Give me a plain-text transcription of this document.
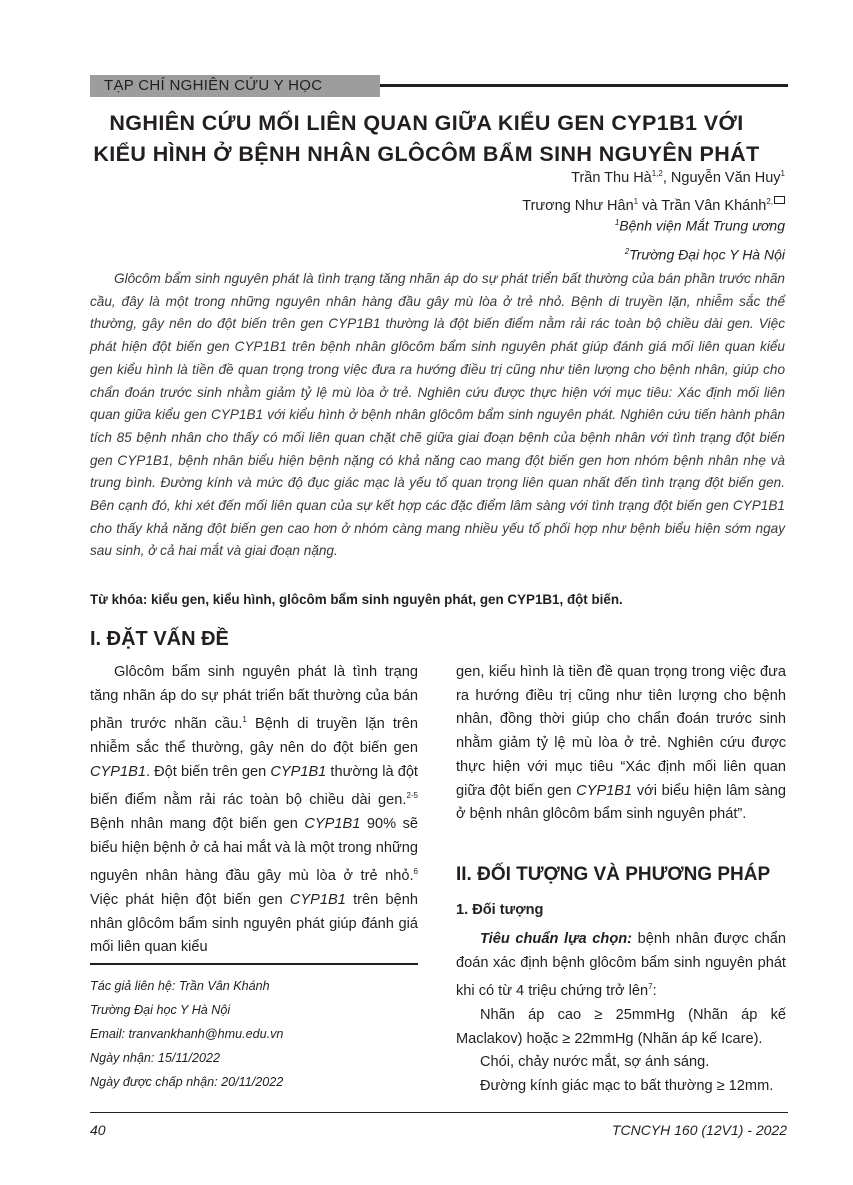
TẠP CHÍ NGHIÊN CỨU Y HỌC
NGHIÊN CỨU MỐI LIÊN QUAN GIỮA KIỂU GEN CYP1B1 VỚI
KIỂU HÌNH Ở BỆNH NHÂN GLÔCÔM BẨM SINH NGUYÊN PHÁT
Trần Thu Hà$^{1,2}$, Nguyễn Văn Huy$^1$
Trương Như Hân$^1$ và Trần Vân Khánh$^{2,}$
$^1$Bệnh viện Mắt Trung ương
$^2$Trường Đại học Y Hà Nội
Glôcôm bẩm sinh nguyên phát là tình trạng tăng nhãn áp do sự phát triển bất thường của bán phần trước nhãn cầu, đây là một trong những nguyên nhân hàng đầu gây mù lòa ở trẻ nhỏ. Bệnh di truyền lặn, nhiễm sắc thể thường, gây nên do đột biến trên gen CYP1B1 thường là đột biến điểm nằm rải rác toàn bộ chiều dài gen. Việc phát hiện đột biến gen CYP1B1 trên bệnh nhân glôcôm bẩm sinh nguyên phát giúp đánh giá mối liên quan kiểu gen kiểu hình là tiền đề quan trọng trong việc đưa ra hướng điều trị cũng như tiên lượng cho bệnh nhân, giúp cho chẩn đoán trước sinh nhằm giảm tỷ lệ mù lòa ở trẻ. Nghiên cứu được thực hiện với mục tiêu: Xác định mối liên quan giữa kiểu gen CYP1B1 với kiểu hình ở bệnh nhân glôcôm bẩm sinh nguyên phát. Nghiên cứu tiến hành phân tích 85 bệnh nhân cho thấy có mối liên quan chặt chẽ giữa giai đoạn bệnh của bệnh nhân với tình trạng đột biến gen CYP1B1, bệnh nhân biểu hiện bệnh nặng có khả năng cao mang đột biến gen hơn nhóm bệnh nhân nhẹ và trung bình. Đường kính và mức độ đục giác mạc là yếu tố quan trọng liên quan nhất đến tình trạng đột biến gen. Bên cạnh đó, khi xét đến mối liên quan của sự kết hợp các đặc điểm lâm sàng với tình trạng đột biến gen CYP1B1 cho thấy khả năng đột biến gen cao hơn ở nhóm càng mang nhiều yếu tố phối hợp như bệnh biểu hiện sớm ngay sau sinh, ở cả hai mắt và giai đoạn nặng.
Từ khóa: kiểu gen, kiểu hình, glôcôm bẩm sinh nguyên phát, gen CYP1B1, đột biến.
I. ĐẶT VẤN ĐỀ
Glôcôm bẩm sinh nguyên phát là tình trạng tăng nhãn áp do sự phát triển bất thường của bán phần trước nhãn cầu.$^1$ Bệnh di truyền lặn trên nhiễm sắc thể thường, gây nên do đột biến gen CYP1B1. Đột biến trên gen CYP1B1 thường là đột biến điểm nằm rải rác toàn bộ chiều dài gen.$^{2-5}$ Bệnh nhân mang đột biến gen CYP1B1 90% sẽ biểu hiện bệnh ở cả hai mắt và là một trong những nguyên nhân hàng đầu gây mù lòa ở trẻ nhỏ.$^6$ Việc phát hiện đột biến gen CYP1B1 trên bệnh nhân glôcôm bẩm sinh nguyên phát giúp đánh giá mối liên quan kiểu
gen, kiểu hình là tiền đề quan trọng trong việc đưa ra hướng điều trị cũng như tiên lượng cho bệnh nhân, đồng thời giúp cho chẩn đoán trước sinh nhằm giảm tỷ lệ mù lòa ở trẻ. Nghiên cứu được thực hiện với mục tiêu “Xác định mối liên quan giữa đột biến gen CYP1B1 với biểu hiện lâm sàng ở bệnh nhân glôcôm bẩm sinh nguyên phát”.
II. ĐỐI TƯỢNG VÀ PHƯƠNG PHÁP
1. Đối tượng
Tiêu chuẩn lựa chọn: bệnh nhân được chẩn đoán xác định bệnh glôcôm bẩm sinh nguyên phát khi có từ 4 triệu chứng trở lên$^7$:
Nhãn áp cao ≥ 25mmHg (Nhãn áp kế Maclakov) hoặc ≥ 22mmHg (Nhãn áp kế Icare).
Chói, chảy nước mắt, sợ ánh sáng.
Đường kính giác mạc to bất thường ≥ 12mm.
Tác giả liên hệ: Trần Vân Khánh
Trường Đại học Y Hà Nội
Email: tranvankhanh@hmu.edu.vn
Ngày nhận: 15/11/2022
Ngày được chấp nhận: 20/11/2022
40	TCNCYH 160 (12V1) - 2022
